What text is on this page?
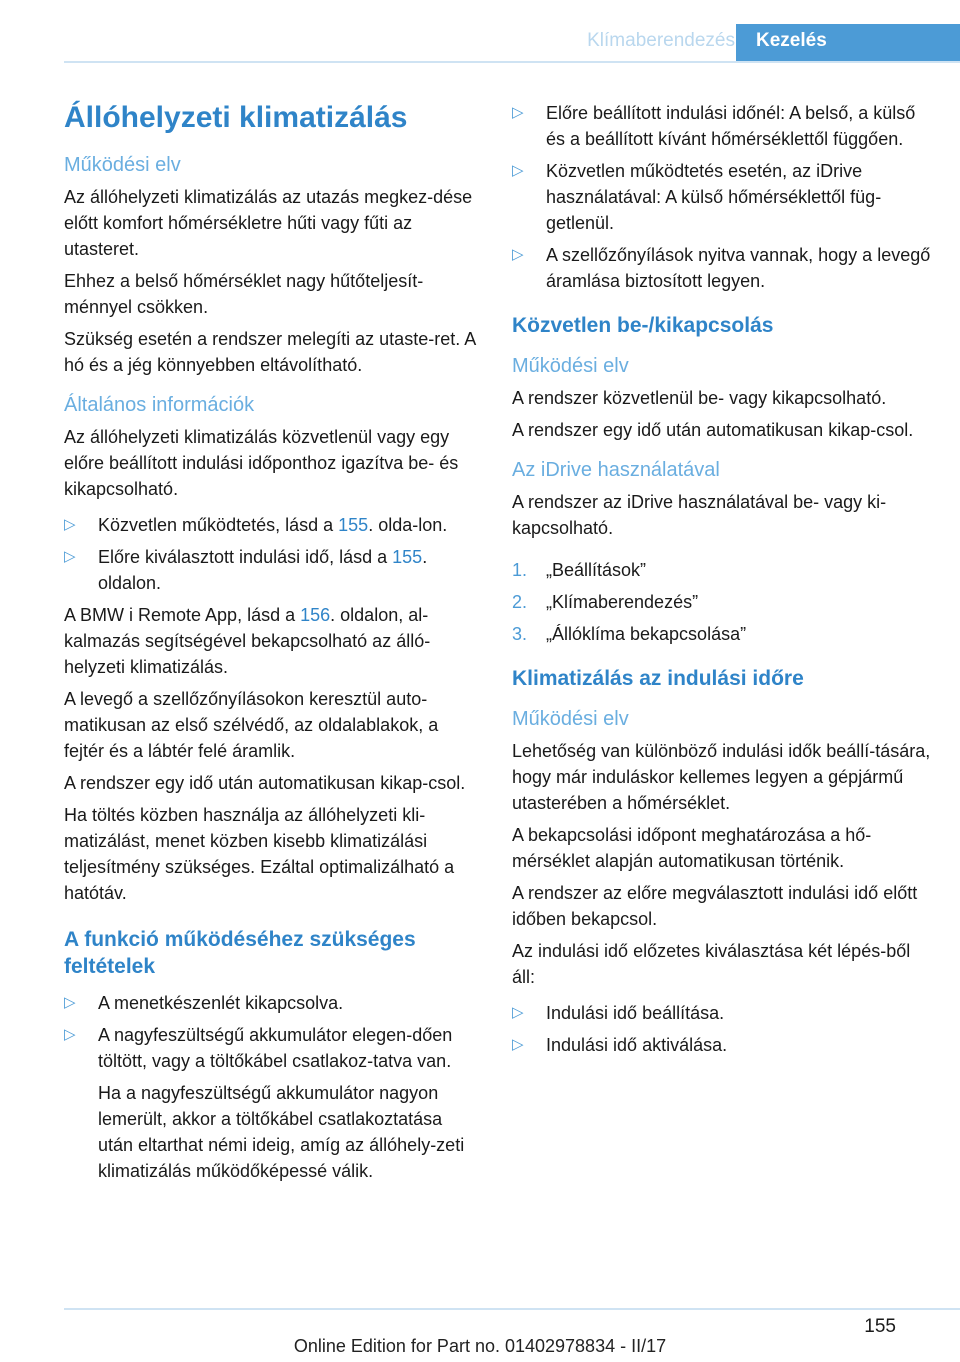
Klímaberendezés	Kezelés
Állóhelyzeti klimatizálás
Működési elv
Az állóhelyzeti klimatizálás az utazás megkez-dése előtt komfort hőmérsékletre hűti vagy fűti az utasteret.
Ehhez a belső hőmérséklet nagy hűtőteljesít-ménnyel csökken.
Szükség esetén a rendszer melegíti az utaste-ret. A hó és a jég könnyebben eltávolítható.
Általános információk
Az állóhelyzeti klimatizálás közvetlenül vagy egy előre beállított indulási időponthoz igazítva be- és kikapcsolható.
▷ Közvetlen működtetés, lásd a 155. olda-lon.
▷ Előre kiválasztott indulási idő, lásd a 155. oldalon.
A BMW i Remote App, lásd a 156. oldalon, al-kalmazás segítségével bekapcsolható az álló-helyzeti klimatizálás.
A levegő a szellőzőnyílásokon keresztül auto-matikusan az első szélvédő, az oldalablakok, a fejtér és a lábtér felé áramlik.
A rendszer egy idő után automatikusan kikap-csol.
Ha töltés közben használja az állóhelyzeti kli-matizálást, menet közben kisebb klimatizálási teljesítmény szükséges. Ezáltal optimalizálható a hatótáv.
A funkció működéséhez szükséges feltételek
▷ A menetkészenlét kikapcsolva.
▷ A nagyfeszültségű akkumulátor elegen-dően töltött, vagy a töltőkábel csatlakoz-tatva van.
Ha a nagyfeszültségű akkumulátor nagyon lemerült, akkor a töltőkábel csatlakoztatása után eltarthat némi ideig, amíg az állóhely-zeti klimatizálás működőképessé válik.
▷ Előre beállított indulási időnél: A belső, a külső és a beállított kívánt hőmérséklettől függően.
▷ Közvetlen működtetés esetén, az iDrive használatával: A külső hőmérséklettől füg-getlenül.
▷ A szellőzőnyílások nyitva vannak, hogy a levegő áramlása biztosított legyen.
Közvetlen be-/kikapcsolás
Működési elv
A rendszer közvetlenül be- vagy kikapcsolható.
A rendszer egy idő után automatikusan kikap-csol.
Az iDrive használatával
A rendszer az iDrive használatával be- vagy ki-kapcsolható.
1. „Beállítások”
2. „Klímaberendezés”
3. „Állóklíma bekapcsolása”
Klimatizálás az indulási időre
Működési elv
Lehetőség van különböző indulási idők beállí-tására, hogy már induláskor kellemes legyen a gépjármű utasterében a hőmérséklet.
A bekapcsolási időpont meghatározása a hő-mérséklet alapján automatikusan történik.
A rendszer az előre megválasztott indulási idő előtt időben bekapcsol.
Az indulási idő előzetes kiválasztása két lépés-ből áll:
▷ Indulási idő beállítása.
▷ Indulási idő aktiválása.
155
Online Edition for Part no. 01402978834 - II/17
